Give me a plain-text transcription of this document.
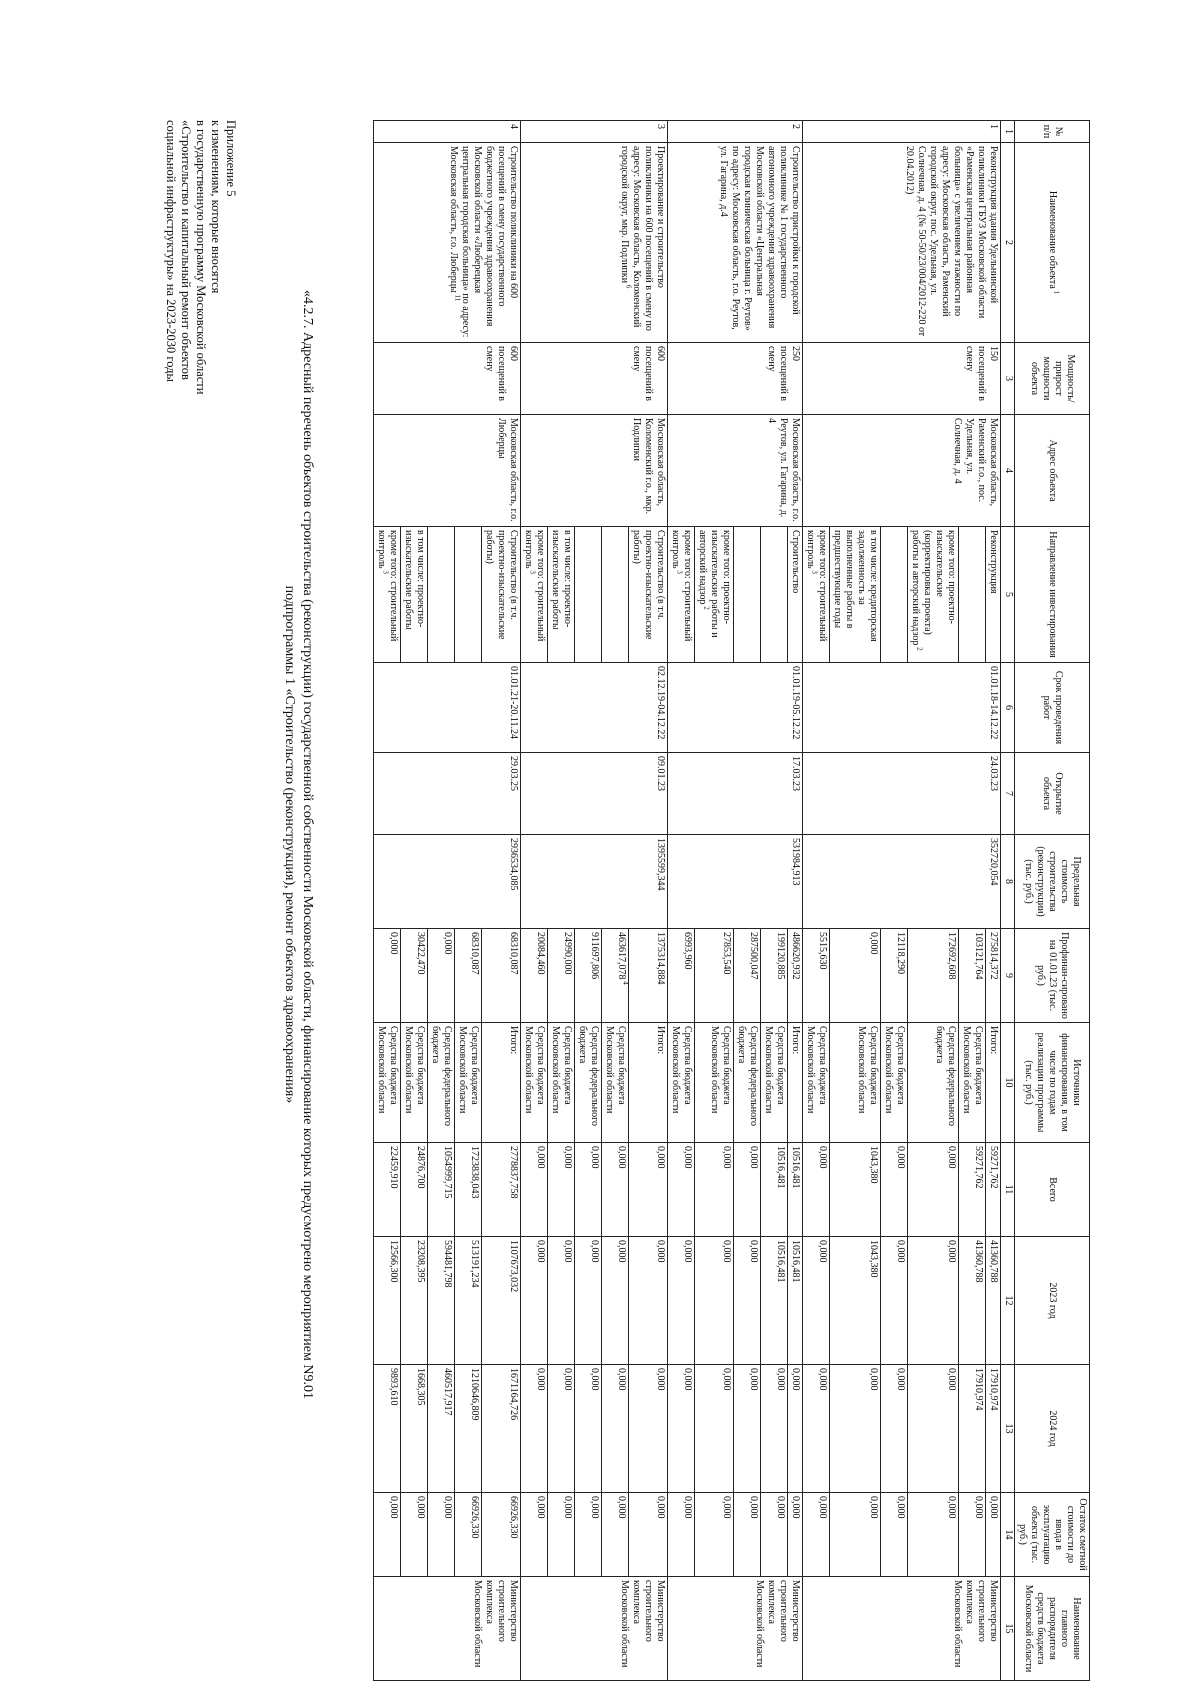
Приложение 5
к изменениям, которые вносятся
в государственную программу Московской области
«Строительство и капитальный ремонт объектов
социальной инфраструктуры» на 2023-2030 годы
«4.2.7. Адресный перечень объектов строительства (реконструкции) государственной собственности Московской области, финансирование которых предусмотрено мероприятием N9.01
подпрограммы 1 «Строительство (реконструкция), ремонт объектов здравоохранения»
№ п/п	Наименование объекта $^1$	Мощность/ прирост мощности объекта	Адрес объекта	Направление инвестирования	Срок проведения работ	Открытие объекта	Предельная стоимость строительства (реконструкции) (тыс. руб.)	Профинан-сировано на 01.01.23 (тыс. руб.)	Источники финансирования, в том числе по годам реализации программы (тыс. руб.)	Всего	2023 год	2024 год	Остаток сметной стоимости до ввода в эксплуатацию объекта (тыс. руб.)	Наименование главного распорядителя средств бюджета Московской области
1	2	3	4	5	6	7	8	9	10	11	12	13	14	15
1	Реконструкция здания Удельнинской поликлиники ГБУЗ Московской области «Раменская центральная районная больница» с увеличением этажности по адресу: Московская область, Раменский городской округ, пос. Удельная, ул. Солнечная, д. 4 (№ 50-50/23/004/2012-220 от 20.04.2012)	150 посещений в смену	Московская область, Раменский г.о., пос. Удельная, ул. Солнечная, д. 4	Реконструкция	01.01.18-14.12.22	24.03.23	352720,054	275814,372	Итого:	59271,762	41360,788	17910,974	0,000	Министерство строительного комплекса Московской области
								103121,764	Средства бюджета Московской области	59271,762	41360,788	17910,974	0,000	
				кроме того: проектно-изыскательские (корректировка проекта) работы и авторский надзор $^2$				172692,608	Средства федерального бюджета	0,000	0,000	0,000	0,000	
								12118,290	Средства бюджета Московской области	0,000	0,000	0,000	0,000	
				в том числе: кредиторская задолженность за выполненные работы в предшествующие годы				0,000	Средства бюджета Московской области	1043,380	1043,380	0,000	0,000	
				кроме того: строительный контроль $^3$				5515,630	Средства бюджета Московской области	0,000	0,000	0,000	0,000	
2	Строительство пристройки к городской поликлинике № 1 государственного автономного учреждения здравоохранения Московской области «Центральная городская клиническая больница г. Реутов» по адресу: Московская область, г.о. Реутов, ул. Гагарина, д.4	250 посещений в смену	Московская область, г.о. Реутов, ул. Гагарина, д. 4	Строительство	01.01.19-05.12.22	17.03.23	531984,913	486620,932	Итого:	10516,481	10516,481	0,000	0,000	Министерство строительного комплекса Московской области
								199120,885	Средства бюджета Московской области	10516,481	10516,481	0,000	0,000	
								287500,047	Средства федерального бюджета	0,000	0,000	0,000	0,000	
				кроме того: проектно-изыскательские работы и авторский надзор $^2$				27853,540	Средства бюджета Московской области	0,000	0,000	0,000	0,000	
				кроме того: строительный контроль $^3$				6993,960	Средства бюджета Московской области	0,000	0,000	0,000	0,000	
3	Проектирование и строительство поликлиники на 600 посещений в смену по адресу: Московская область, Коломенский городской округ, мкр. Подлипки $^6$	600 посещений в смену	Московская область, Коломенский г.о., мкр. Подлипки	Строительство (в т.ч. проектно-изыскательские работы)	02.12.19-04.12.22	09.01.23	1395599,344	1375314,884	Итого:	0,000	0,000	0,000	0,000	Министерство строительного комплекса Московской области
								463617,078 $^4$	Средства бюджета Московской области	0,000	0,000	0,000	0,000	
								911697,806	Средства федерального бюджета	0,000	0,000	0,000	0,000	
				в том числе: проектно-изыскательские работы				24990,000	Средства бюджета Московской области	0,000	0,000	0,000	0,000	
				кроме того: строительный контроль $^3$				20084,460	Средства бюджета Московской области	0,000	0,000	0,000	0,000	
4	Строительство поликлиники на 600 посещений в смену государственного бюджетного учреждения здравоохранения Московской области «Люберецкая центральная городская больница» по адресу: Московская область, г.о. Люберцы $^{11}$	600 посещений в смену	Московская область, г.о. Люберцы	Строительство (в т.ч. проектно-изыскательские работы)	01.01.21-20.11.24	29.03.25	2936534,085	68310,087	Итого:	2778837,758	1107673,032	1671164,726	66926,330	Министерство строительного комплекса Московской области
								68310,087	Средства бюджета Московской области	1723838,043	513191,234	1210646,809	66926,330	
								0,000	Средства федерального бюджета	1054999,715	594481,798	460517,917	0,000	
				в том числе: проектно-изыскательские работы				30422,470	Средства бюджета Московской области	24876,700	23208,395	1668,305	0,000	
				кроме того: строительный контроль $^3$				0,000	Средства бюджета Московской области	22459,910	12566,300	9893,610	0,000	
